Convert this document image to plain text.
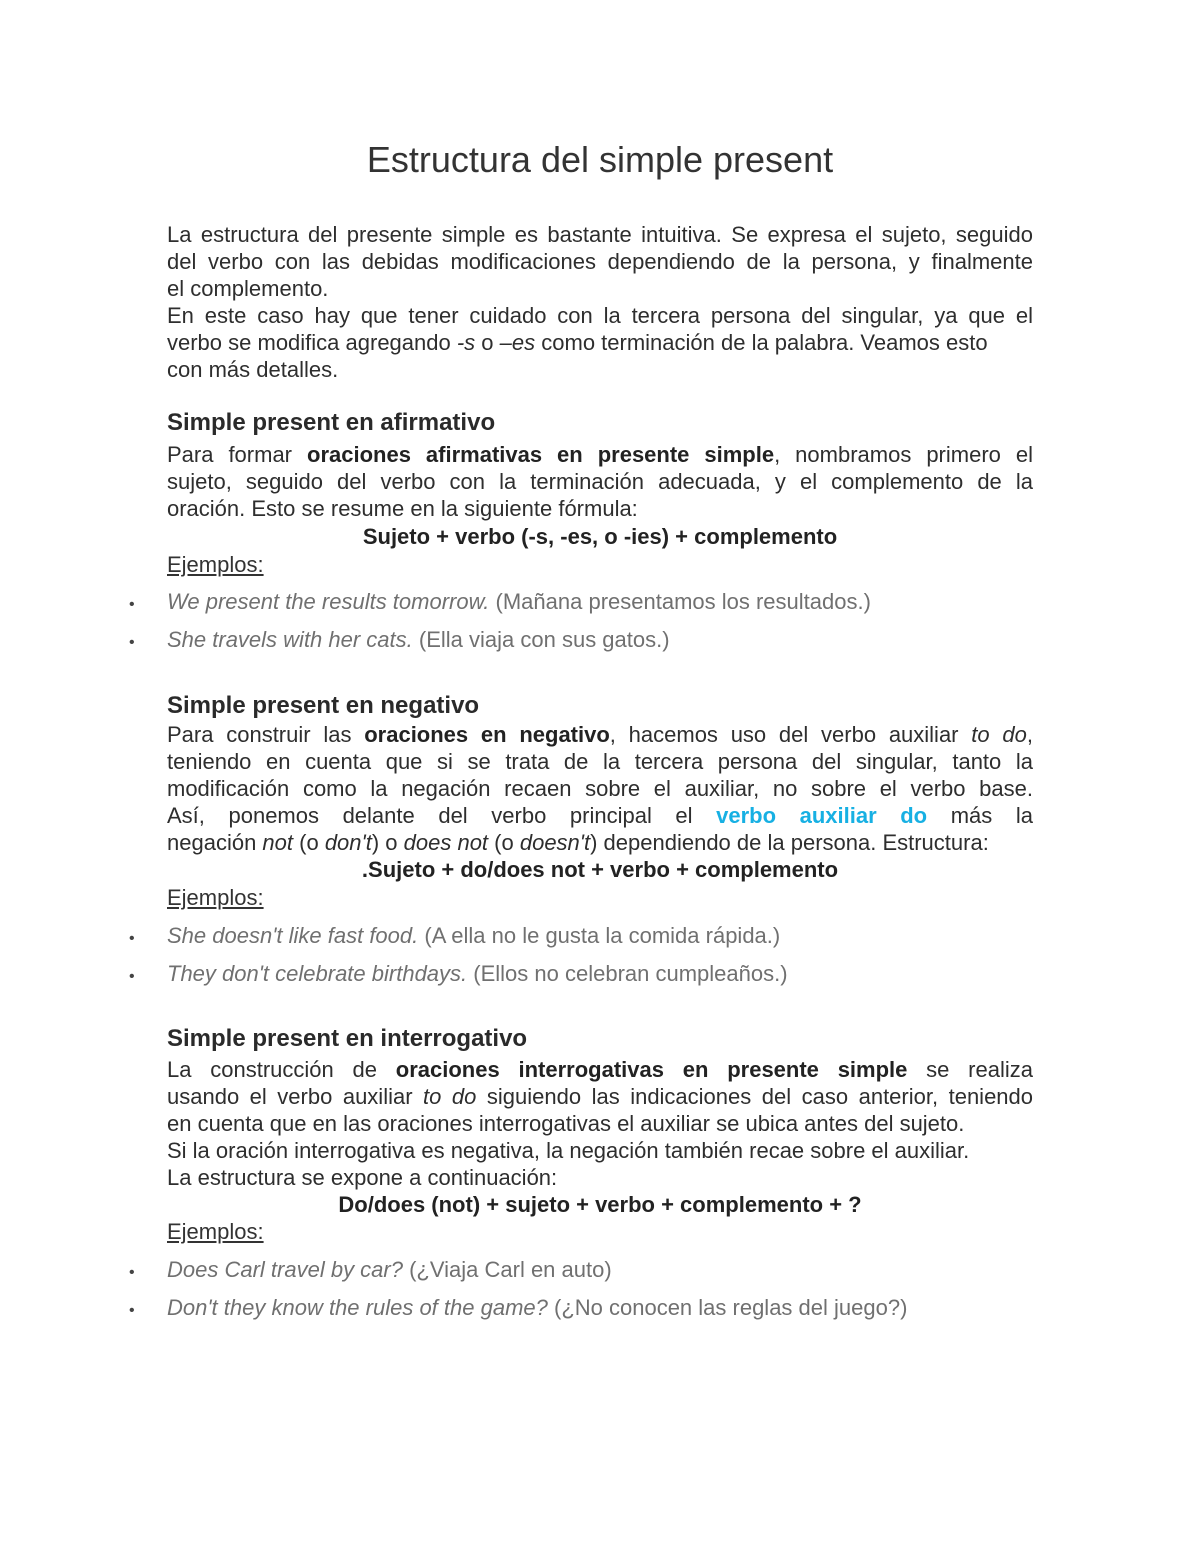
Estructura del simple present

La estructura del presente simple es bastante intuitiva. Se expresa el sujeto, seguido

del verbo con las debidas modificaciones dependiendo de la persona, y finalmente

el complemento.

En este caso hay que tener cuidado con la tercera persona del singular, ya que el

verbo se modifica agregando -s o –es como terminación de la palabra. Veamos esto

con más detalles.

Simple present en afirmativo

Para formar oraciones afirmativas en presente simple, nombramos primero el

sujeto, seguido del verbo con la terminación adecuada, y el complemento de la

oración. Esto se resume en la siguiente fórmula:

Sujeto + verbo (-s, -es, o -ies) + complemento

Ejemplos:

• We present the results tomorrow. (Mañana presentamos los resultados.)
• She travels with her cats. (Ella viaja con sus gatos.)
Simple present en negativo

Para construir las oraciones en negativo, hacemos uso del verbo auxiliar to do,

teniendo en cuenta que si se trata de la tercera persona del singular, tanto la

modificación como la negación recaen sobre el auxiliar, no sobre el verbo base.

Así, ponemos delante del verbo principal el verbo auxiliar do más la

negación not (o don't) o does not (o doesn't) dependiendo de la persona. Estructura:

.Sujeto + do/does not + verbo + complemento

Ejemplos:

• She doesn't like fast food. (A ella no le gusta la comida rápida.)
• They don't celebrate birthdays. (Ellos no celebran cumpleaños.)
Simple present en interrogativo

La construcción de oraciones interrogativas en presente simple se realiza

usando el verbo auxiliar to do siguiendo las indicaciones del caso anterior, teniendo

en cuenta que en las oraciones interrogativas el auxiliar se ubica antes del sujeto.

Si la oración interrogativa es negativa, la negación también recae sobre el auxiliar.

La estructura se expone a continuación:

Do/does (not) + sujeto + verbo + complemento + ?

Ejemplos:

• Does Carl travel by car? (¿Viaja Carl en auto)
• Don't they know the rules of the game? (¿No conocen las reglas del juego?)
